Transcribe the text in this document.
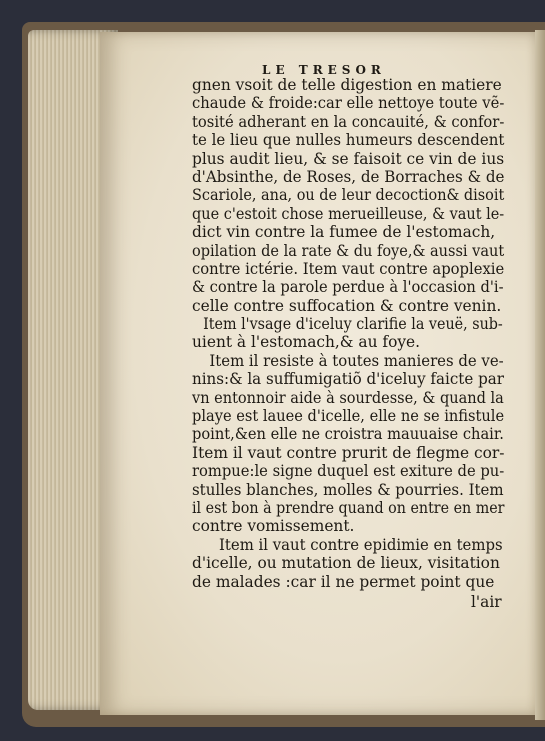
LE TRESOR
gnen vsoit de telle digestion en matiere
chaude & froide:car elle nettoye toute vẽ-
tosité adherant en la concauité, & confor-
te le lieu que nulles humeurs descendent
plus audit lieu, & se faisoit ce vin de ius
d'Absinthe, de Roses, de Borraches & de
Scariole, ana, ou de leur decoction& disoit
que c'estoit chose merueilleuse, & vaut le-
dict vin contre la fumee de l'estomach,
opilation de la rate & du foye,& aussi vaut
contre ictérie. Item vaut contre apoplexie
& contre la parole perdue à l'occasion d'i-
celle contre suffocation & contre venin.
Item l'vsage d'iceluy clarifie la veuë, sub-
uient à l'estomach,& au foye.
Item il resiste à toutes manieres de ve-
nins:& la suffumigatiõ d'iceluy faicte par
vn entonnoir aide à sourdesse, & quand la
playe est lauee d'icelle, elle ne se infistule
point,&en elle ne croistra mauuaise chair.
Item il vaut contre prurit de flegme cor-
rompue:le signe duquel est exiture de pu-
stulles blanches, molles & pourries. Item
il est bon à prendre quand on entre en mer
contre vomissement.
Item il vaut contre epidimie en temps
d'icelle, ou mutation de lieux, visitation
de malades :car il ne permet point que
l'air
